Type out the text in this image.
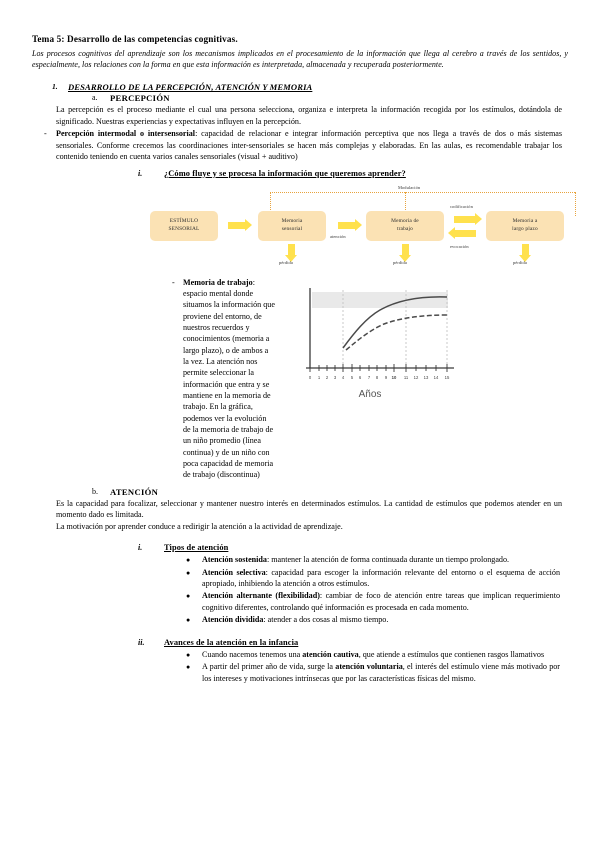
Tema 5: Desarrollo de las competencias cognitivas.
Los procesos cognitivos del aprendizaje son los mecanismos implicados en el procesamiento de la información que llega al cerebro a través de los sentidos, y especialmente, los relaciones con la forma en que esta información es interpretada, almacenada y recuperada posteriormente.
1.	DESARROLLO DE LA PERCEPCIÓN, ATENCIÓN Y MEMORIA
a.	PERCEPCIÓN
La percepción es el proceso mediante el cual una persona selecciona, organiza e interpreta la información recogida por los estímulos, dotándola de significado. Nuestras experiencias y expectativas influyen en la percepción.
-	Percepción intermodal o intersensorial: capacidad de relacionar e integrar información perceptiva que nos llega a través de dos o más sistemas sensoriales. Conforme crecemos las coordinaciones inter-sensoriales se hacen más complejas y elaboradas. En las aulas, es recomendable trabajar los contenido teniendo en cuenta varios canales sensoriales (visual + auditivo)
i.	¿Cómo fluye y se procesa la información que queremos aprender?
Modulación
ESTÍMULO
SENSORIAL
Memoria
sensorial
atención
Memoria de
trabajo
codificación
evocación
Memoria a
largo plazo
pérdida	pérdida	pérdida
-	Memoria de trabajo: espacio mental donde situamos la información que proviene del entorno, de nuestros recuerdos y conocimientos (memoria a largo plazo), o de ambos a la vez. La atención nos permite seleccionar la información que entra y se mantiene en la memoria de trabajo. En la gráfica, podemos ver la evolución de la memoria de trabajo de un niño promedio (línea continua) y de un niño con poca capacidad de memoria de trabajo (discontinua)
0 1 2 3 4 5 6 7 8 9 10 11 12 13 14 15
Años
b.	ATENCIÓN
Es la capacidad para focalizar, seleccionar y mantener nuestro interés en determinados estímulos. La cantidad de estímulos que podemos atender en un momento dado es limitada.
La motivación por aprender conduce a redirigir la atención a la actividad de aprendizaje.
i.	Tipos de atención
●	Atención sostenida: mantener la atención de forma continuada durante un tiempo prolongado.
●	Atención selectiva: capacidad para escoger la información relevante del entorno o el esquema de acción apropiado, inhibiendo la atención a otros estímulos.
●	Atención alternante (flexibilidad): cambiar de foco de atención entre tareas que implican requerimiento cognitivo diferentes, controlando qué información es procesada en cada momento.
●	Atención dividida: atender a dos cosas al mismo tiempo.
ii.	Avances de la atención en la infancia
●	Cuando nacemos tenemos una atención cautiva, que atiende a estímulos que contienen rasgos llamativos
●	A partir del primer año de vida, surge la atención voluntaria, el interés del estímulo viene más motivado por los intereses y motivaciones intrínsecas que por las características físicas del mismo.
